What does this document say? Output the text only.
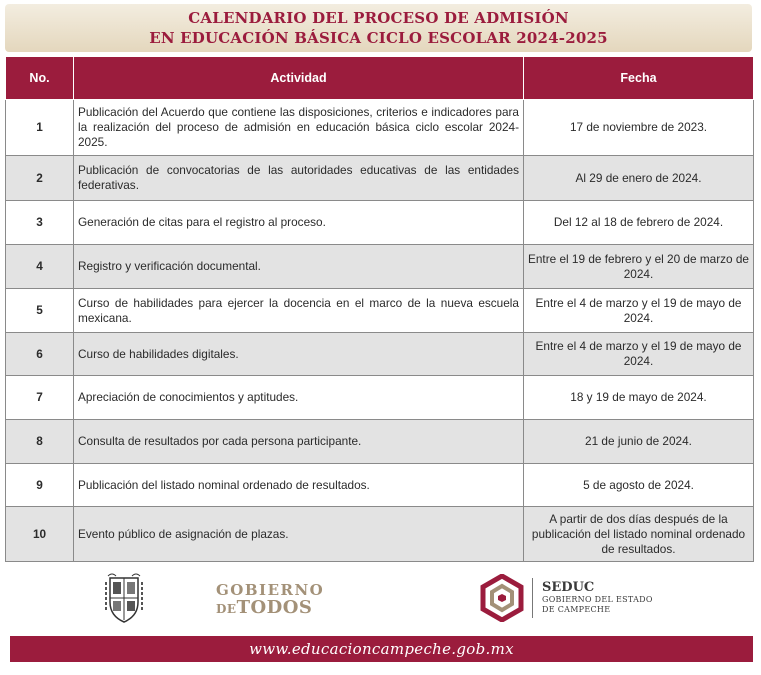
CALENDARIO DEL PROCESO DE ADMISIÓN
EN EDUCACIÓN BÁSICA CICLO ESCOLAR 2024-2025
No.	Actividad	Fecha
1	Publicación del Acuerdo que contiene las disposiciones, criterios e indicadores para la realización del proceso de admisión en educación básica ciclo escolar 2024-2025.	17 de noviembre de 2023.
2	Publicación de convocatorias de las autoridades educativas de las entidades federativas.	Al 29 de enero de 2024.
3	Generación de citas para el registro al proceso.	Del 12 al 18 de febrero de 2024.
4	Registro y verificación documental.	Entre el 19 de febrero y el 20 de marzo de 2024.
5	Curso de habilidades para ejercer la docencia en el marco de la nueva escuela mexicana.	Entre el 4 de marzo y el 19 de mayo de 2024.
6	Curso de habilidades digitales.	Entre el 4 de marzo y el 19 de mayo de 2024.
7	Apreciación de conocimientos y aptitudes.	18 y 19 de mayo de 2024.
8	Consulta de resultados por cada persona participante.	21 de junio de 2024.
9	Publicación del listado nominal ordenado de resultados.	5 de agosto de 2024.
10	Evento público de asignación de plazas.	A partir de dos días después de la publicación del listado nominal ordenado de resultados.
GOBIERNO
DETODOS
SEDUC
GOBIERNO DEL ESTADO
DE CAMPECHE
www.educacioncampeche.gob.mx
